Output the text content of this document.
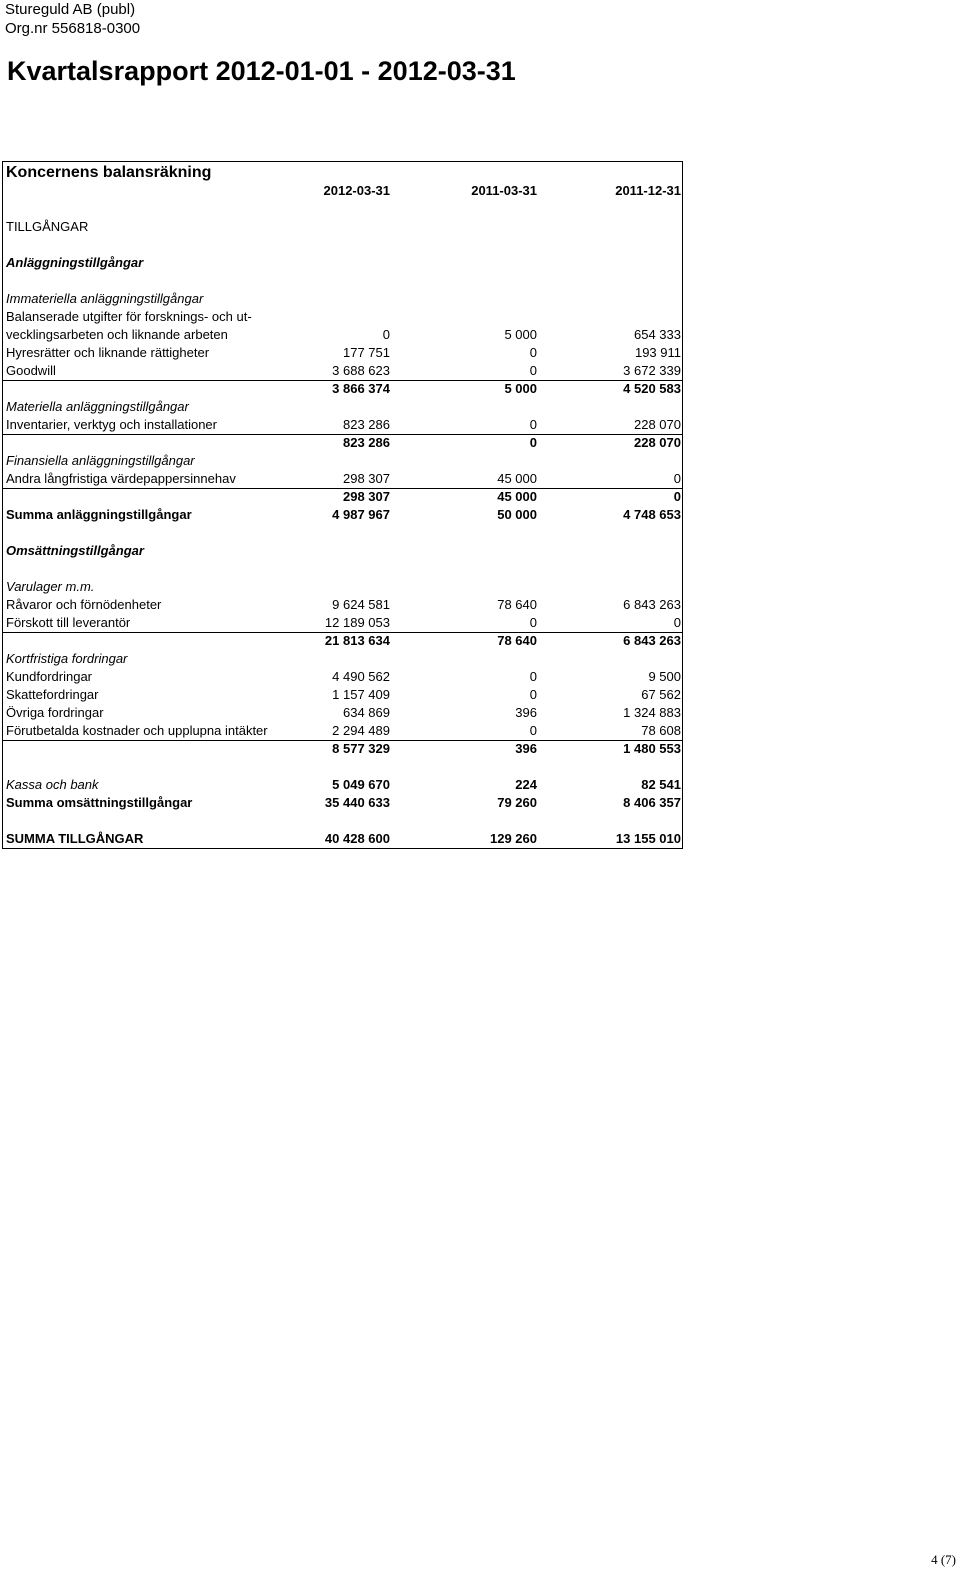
Stureguld AB (publ)
Org.nr 556818-0300
Kvartalsrapport 2012-01-01 - 2012-03-31
Koncernens balansräkning
2012-03-31	2011-03-31	2011-12-31
TILLGÅNGAR
Anläggningstillgångar
Immateriella anläggningstillgångar
Balanserade utgifter för forsknings- och ut-
vecklingsarbeten och liknande arbeten	0	5 000	654 333
Hyresrätter och liknande rättigheter	177 751	0	193 911
Goodwill	3 688 623	0	3 672 339
3 866 374	5 000	4 520 583
Materiella anläggningstillgångar
Inventarier, verktyg och installationer	823 286	0	228 070
823 286	0	228 070
Finansiella anläggningstillgångar
Andra långfristiga värdepappersinnehav	298 307	45 000	0
298 307	45 000	0
Summa anläggningstillgångar	4 987 967	50 000	4 748 653
Omsättningstillgångar
Varulager m.m.
Råvaror och förnödenheter	9 624 581	78 640	6 843 263
Förskott till leverantör	12 189 053	0	0
21 813 634	78 640	6 843 263
Kortfristiga fordringar
Kundfordringar	4 490 562	0	9 500
Skattefordringar	1 157 409	0	67 562
Övriga fordringar	634 869	396	1 324 883
Förutbetalda kostnader och upplupna intäkter	2 294 489	0	78 608
8 577 329	396	1 480 553
Kassa och bank	5 049 670	224	82 541
Summa omsättningstillgångar	35 440 633	79 260	8 406 357
SUMMA TILLGÅNGAR	40 428 600	129 260	13 155 010
4 (7)
